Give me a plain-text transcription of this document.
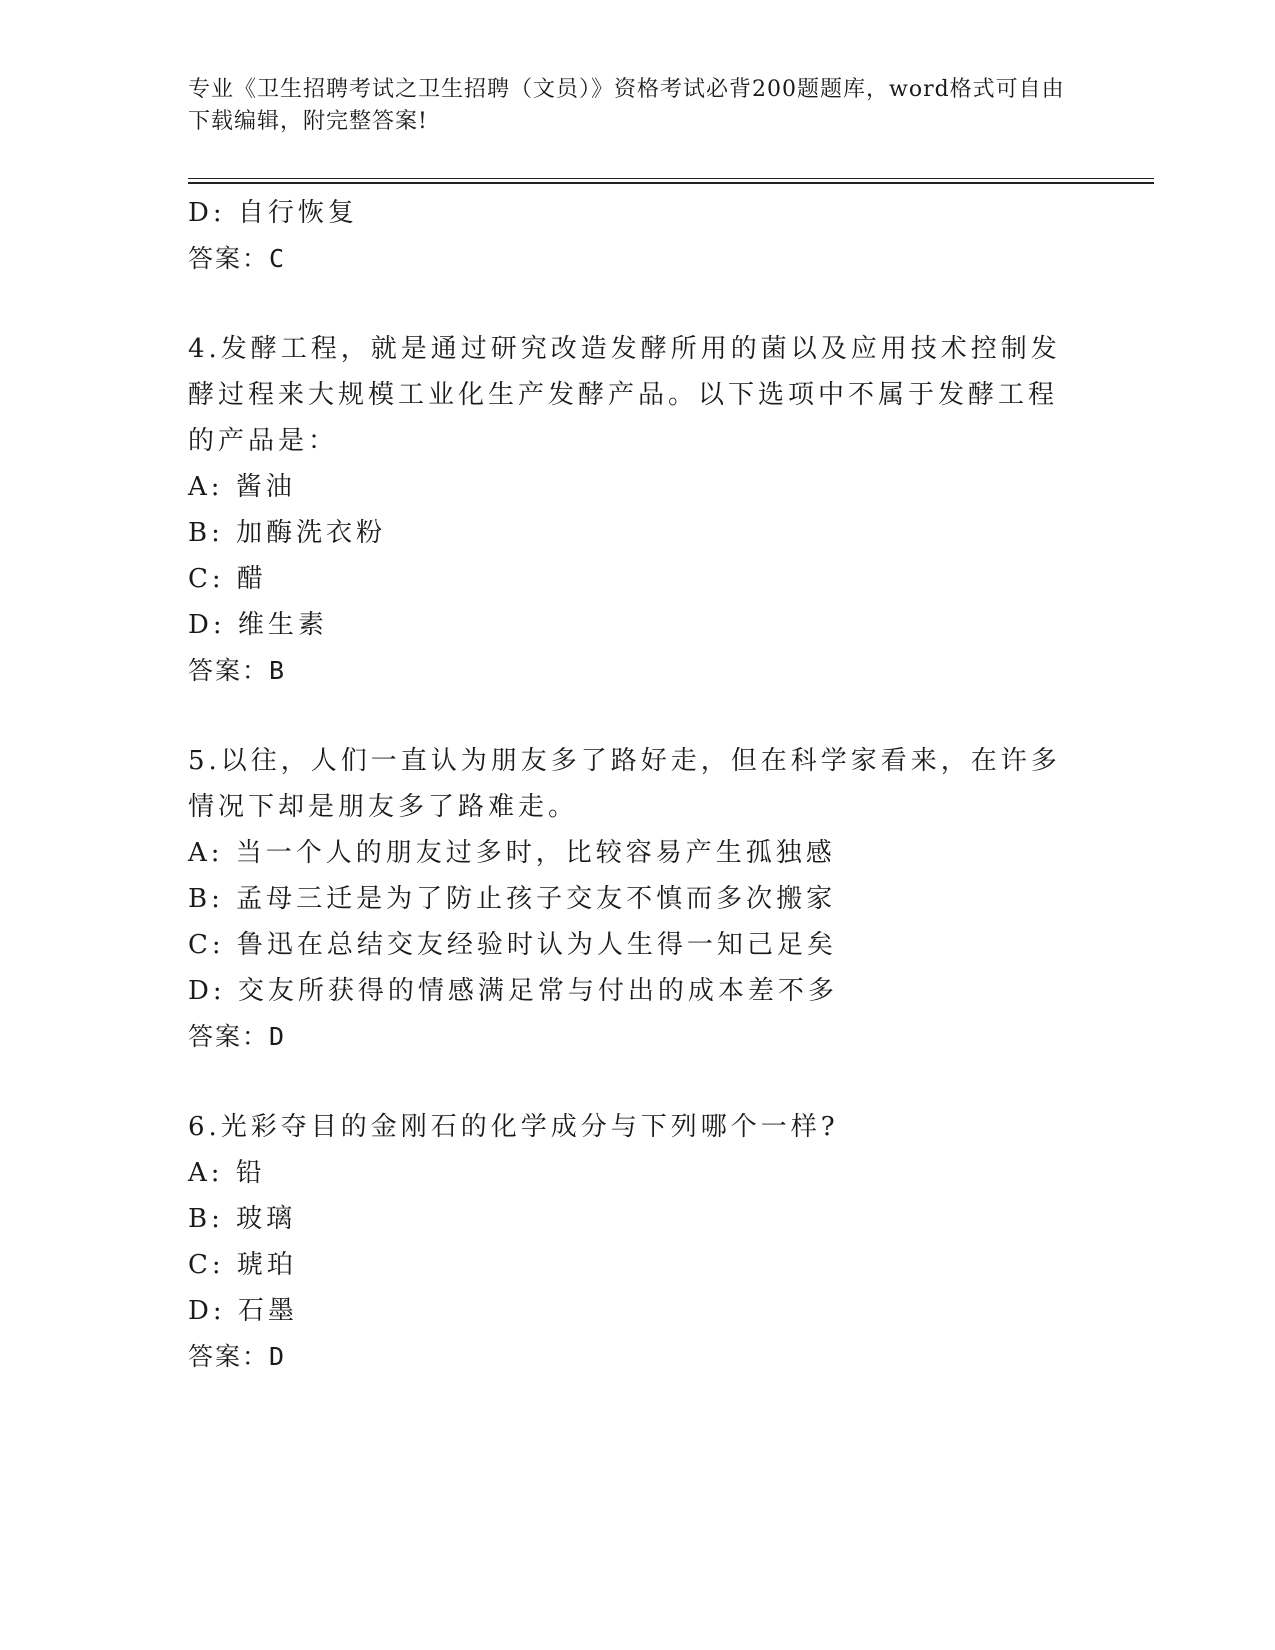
专业《卫生招聘考试之卫生招聘（文员）》资格考试必背200题题库，word格式可自由下载编辑，附完整答案!
D: 自行恢复
答案：C
4.发酵工程，就是通过研究改造发酵所用的菌以及应用技术控制发酵过程来大规模工业化生产发酵产品。以下选项中不属于发酵工程的产品是：
A: 酱油
B: 加酶洗衣粉
C: 醋
D: 维生素
答案：B
5.以往，人们一直认为朋友多了路好走，但在科学家看来，在许多情况下却是朋友多了路难走。
A: 当一个人的朋友过多时，比较容易产生孤独感
B: 孟母三迁是为了防止孩子交友不慎而多次搬家
C: 鲁迅在总结交友经验时认为人生得一知己足矣
D: 交友所获得的情感满足常与付出的成本差不多
答案：D
6.光彩夺目的金刚石的化学成分与下列哪个一样?
A: 铅
B: 玻璃
C: 琥珀
D: 石墨
答案：D
